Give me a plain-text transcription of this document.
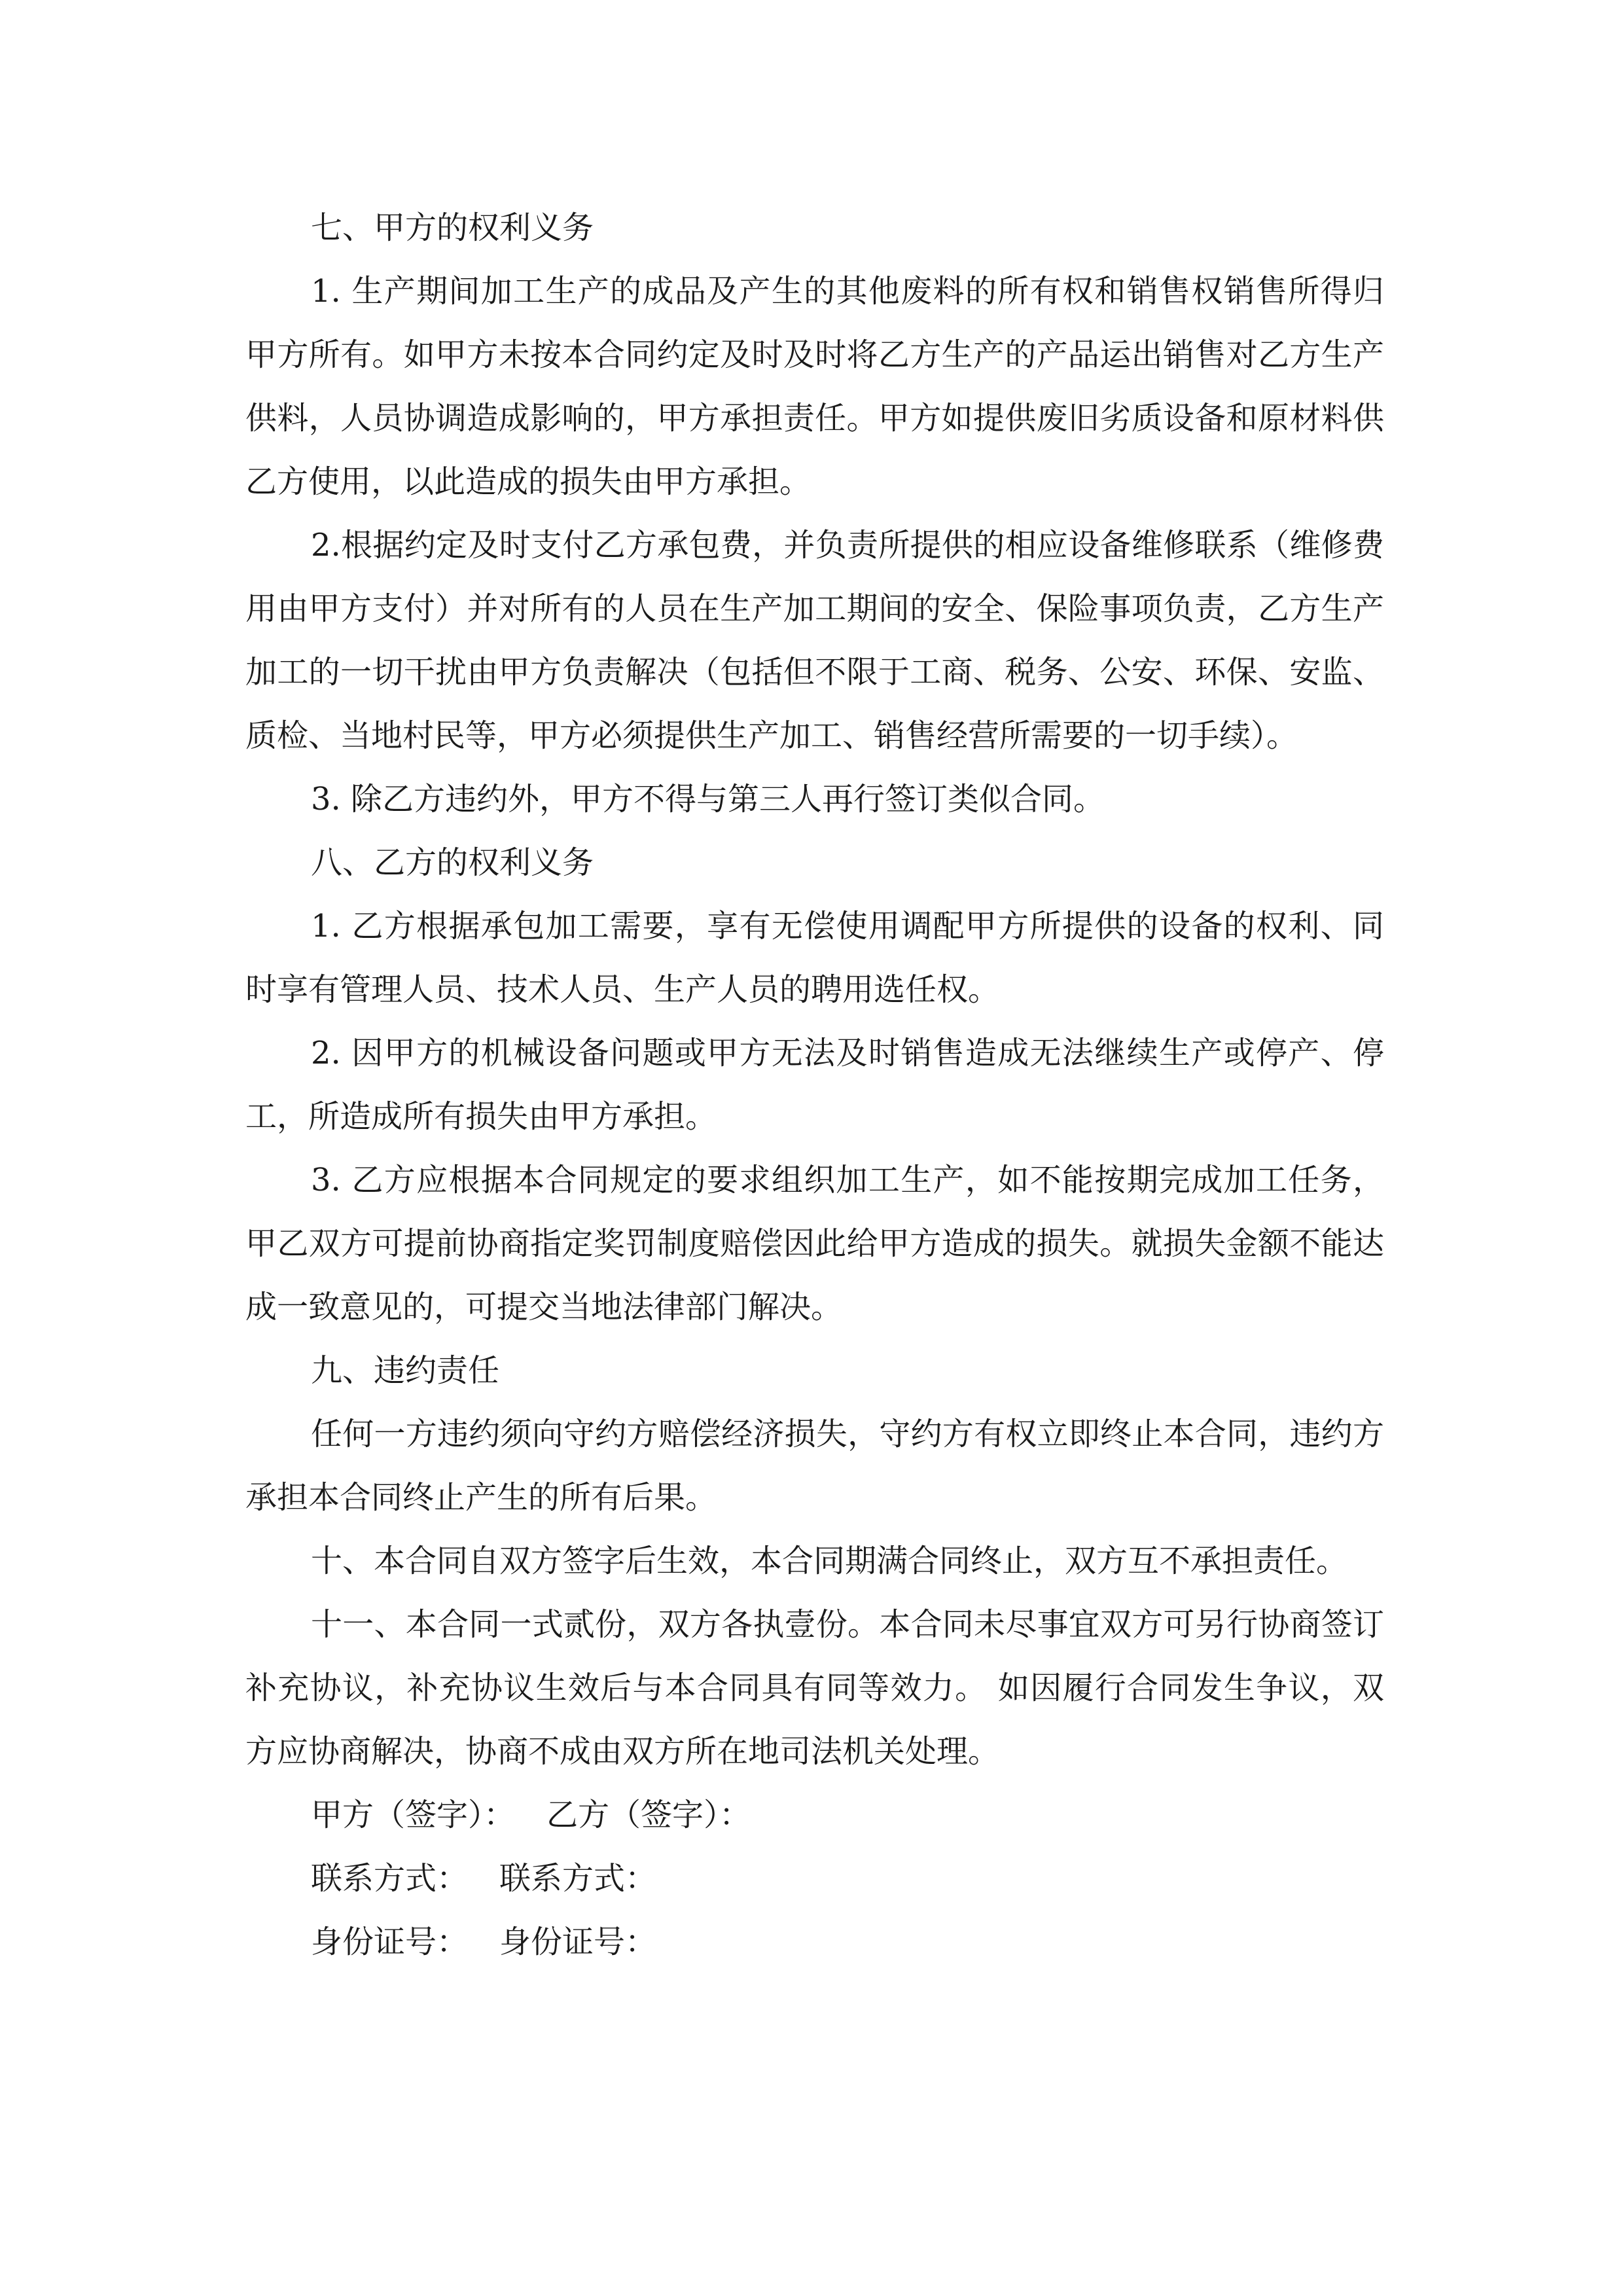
七、甲方的权利义务

1. 生产期间加工生产的成品及产生的其他废料的所有权和销售权销售所得归甲方所有。如甲方未按本合同约定及时及时将乙方生产的产品运出销售对乙方生产供料，人员协调造成影响的，甲方承担责任。甲方如提供废旧劣质设备和原材料供乙方使用，以此造成的损失由甲方承担。

2.根据约定及时支付乙方承包费，并负责所提供的相应设备维修联系（维修费用由甲方支付）并对所有的人员在生产加工期间的安全、保险事项负责，乙方生产加工的一切干扰由甲方负责解决（包括但不限于工商、税务、公安、环保、安监、质检、当地村民等，甲方必须提供生产加工、销售经营所需要的一切手续）。

3. 除乙方违约外，甲方不得与第三人再行签订类似合同。

八、乙方的权利义务

1. 乙方根据承包加工需要，享有无偿使用调配甲方所提供的设备的权利、同时享有管理人员、技术人员、生产人员的聘用选任权。

2. 因甲方的机械设备问题或甲方无法及时销售造成无法继续生产或停产、停工，所造成所有损失由甲方承担。

3. 乙方应根据本合同规定的要求组织加工生产，如不能按期完成加工任务，甲乙双方可提前协商指定奖罚制度赔偿因此给甲方造成的损失。就损失金额不能达成一致意见的，可提交当地法律部门解决。

九、违约责任

任何一方违约须向守约方赔偿经济损失，守约方有权立即终止本合同，违约方承担本合同终止产生的所有后果。

十、本合同自双方签字后生效，本合同期满合同终止，双方互不承担责任。

十一、本合同一式贰份，双方各执壹份。本合同未尽事宜双方可另行协商签订补充协议，补充协议生效后与本合同具有同等效力。 如因履行合同发生争议，双方应协商解决，协商不成由双方所在地司法机关处理。

甲方（签字）： 乙方（签字）：

联系方式： 联系方式：

身份证号： 身份证号：
